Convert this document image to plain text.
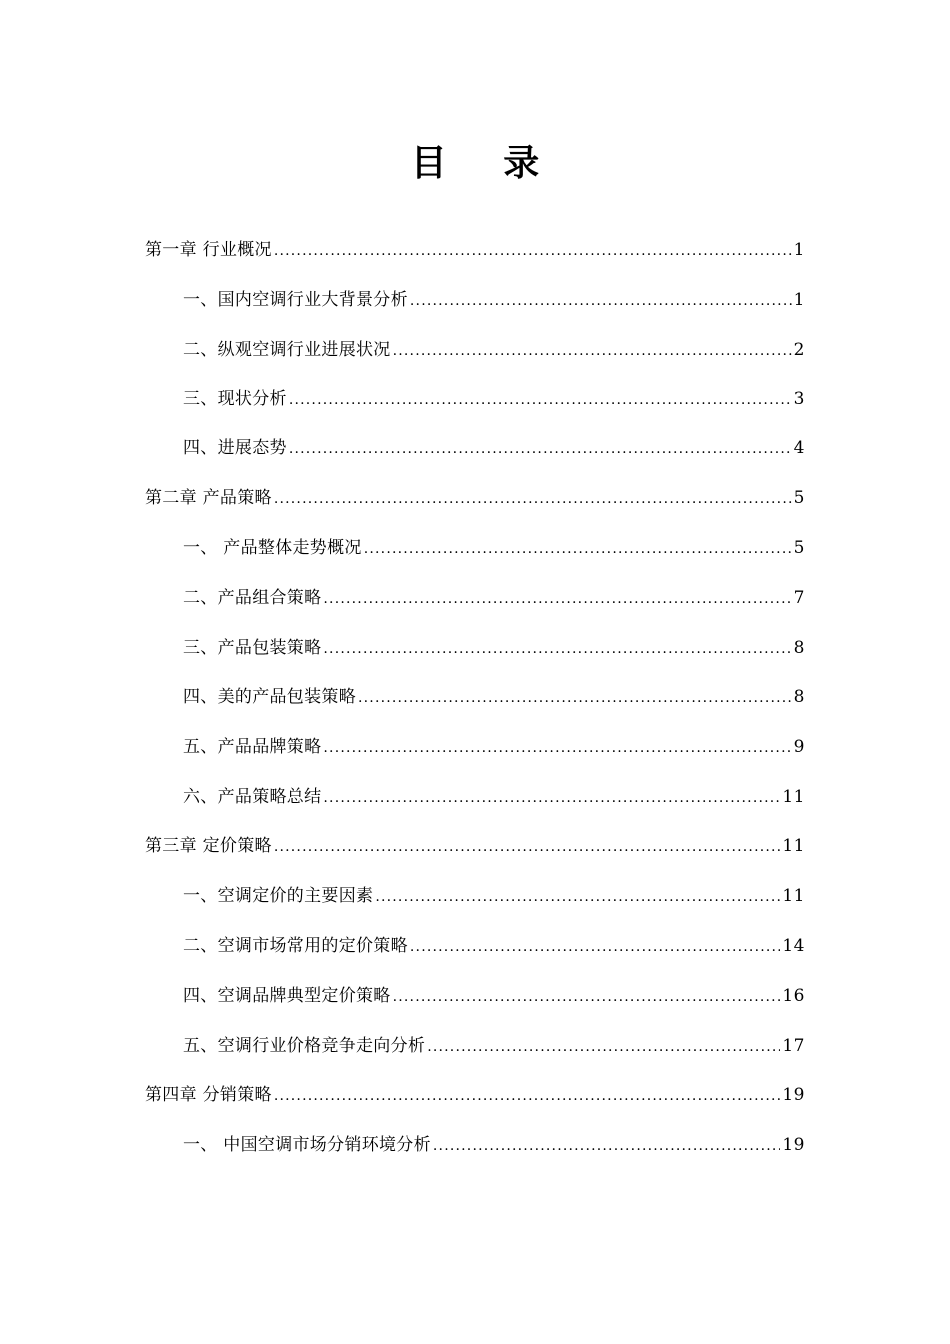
目 录
第一章 行业概况 .....	1
一、国内空调行业大背景分析 .....	1
二、纵观空调行业进展状况 .....	2
三、现状分析 .....	3
四、进展态势 .....	4
第二章 产品策略 .....	5
一、 产品整体走势概况 .....	5
二、产品组合策略 .....	7
三、产品包装策略 .....	8
四、美的产品包装策略 .....	8
五、产品品牌策略 .....	9
六、产品策略总结 .....	11
第三章 定价策略 .....	11
一、空调定价的主要因素 .....	11
二、空调市场常用的定价策略 .....	14
四、空调品牌典型定价策略 .....	16
五、空调行业价格竞争走向分析 .....	17
第四章 分销策略 .....	19
一、 中国空调市场分销环境分析 .....	19
